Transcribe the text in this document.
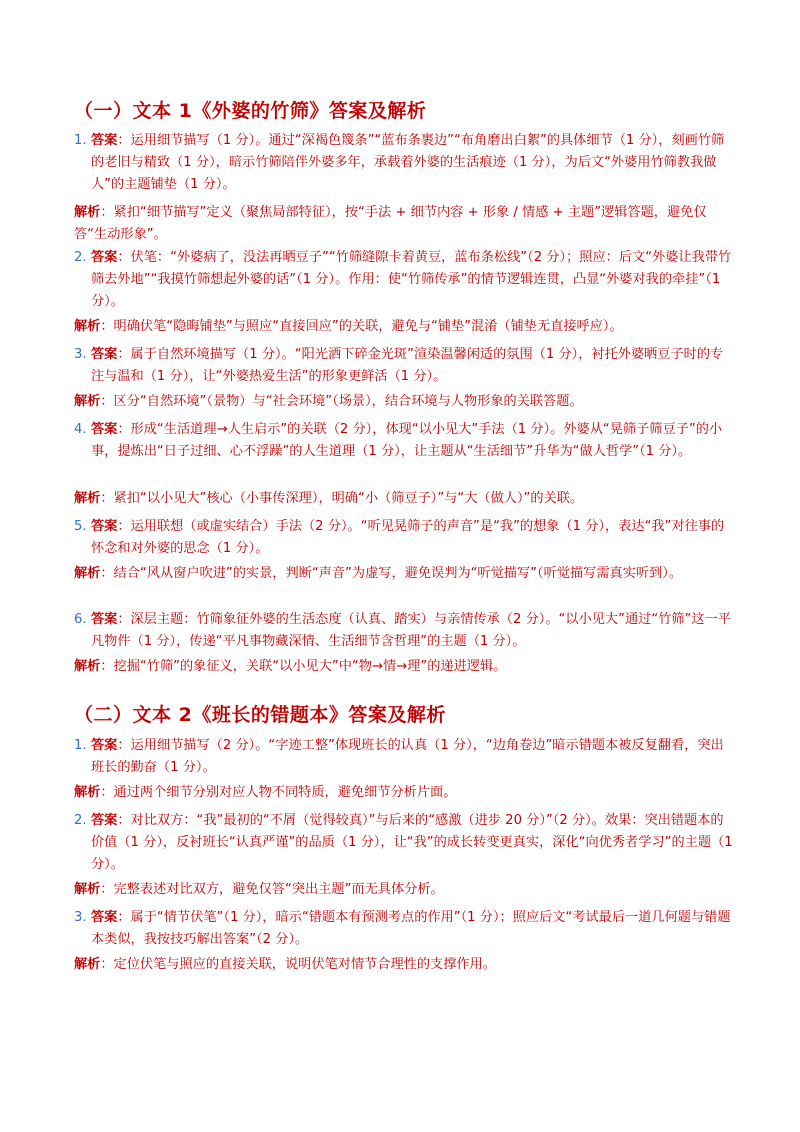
（一）文本 1《外婆的竹筛》答案及解析
1. 答案：运用细节描写（1 分）。通过“深褐色篾条”“蓝布条裹边”“布角磨出白絮”的具体细节（1 分），刻画竹筛的老旧与精致（1 分），暗示竹筛陪伴外婆多年，承载着外婆的生活痕迹（1 分），为后文“外婆用竹筛教我做人”的主题铺垫（1 分）。
解析：紧扣“细节描写”定义（聚焦局部特征），按“手法 + 细节内容 + 形象 / 情感 + 主题”逻辑答题，避免仅答“生动形象”。
2. 答案：伏笔：“外婆病了，没法再晒豆子”“竹筛缝隙卡着黄豆，蓝布条松线”（2 分）；照应：后文“外婆让我带竹筛去外地”“我摸竹筛想起外婆的话”（1 分）。作用：使“竹筛传承”的情节逻辑连贯，凸显“外婆对我的牵挂”（1 分）。
解析：明确伏笔“隐晦铺垫”与照应“直接回应”的关联，避免与“铺垫”混淆（铺垫无直接呼应）。
3. 答案：属于自然环境描写（1 分）。“阳光洒下碎金光斑”渲染温馨闲适的氛围（1 分），衬托外婆晒豆子时的专注与温和（1 分），让“外婆热爱生活”的形象更鲜活（1 分）。
解析：区分“自然环境”（景物）与“社会环境”（场景），结合环境与人物形象的关联答题。
4. 答案：形成“生活道理→人生启示”的关联（2 分），体现“以小见大”手法（1 分）。外婆从“晃筛子筛豆子”的小事，提炼出“日子过细、心不浮躁”的人生道理（1 分），让主题从“生活细节”升华为“做人哲学”（1 分）。
解析：紧扣“以小见大”核心（小事传深理），明确“小（筛豆子）”与“大（做人）”的关联。
5. 答案：运用联想（或虚实结合）手法（2 分）。“听见晃筛子的声音”是“我”的想象（1 分），表达“我”对往事的怀念和对外婆的思念（1 分）。
解析：结合“风从窗户吹进”的实景，判断“声音”为虚写，避免误判为“听觉描写”（听觉描写需真实听到）。
6. 答案：深层主题：竹筛象征外婆的生活态度（认真、踏实）与亲情传承（2 分）。“以小见大”通过“竹筛”这一平凡物件（1 分），传递“平凡事物藏深情、生活细节含哲理”的主题（1 分）。
解析：挖掘“竹筛”的象征义，关联“以小见大”中“物→情→理”的递进逻辑。
（二）文本 2《班长的错题本》答案及解析
1. 答案：运用细节描写（2 分）。“字迹工整”体现班长的认真（1 分），“边角卷边”暗示错题本被反复翻看，突出班长的勤奋（1 分）。
解析：通过两个细节分别对应人物不同特质，避免细节分析片面。
2. 答案：对比双方：“我”最初的“不屑（觉得较真）”与后来的“感激（进步 20 分）”（2 分）。效果：突出错题本的价值（1 分），反衬班长“认真严谨”的品质（1 分），让“我”的成长转变更真实，深化“向优秀者学习”的主题（1 分）。
解析：完整表述对比双方，避免仅答“突出主题”而无具体分析。
3. 答案：属于“情节伏笔”（1 分），暗示“错题本有预测考点的作用”（1 分）；照应后文“考试最后一道几何题与错题本类似，我按技巧解出答案”（2 分）。
解析：定位伏笔与照应的直接关联，说明伏笔对情节合理性的支撑作用。
